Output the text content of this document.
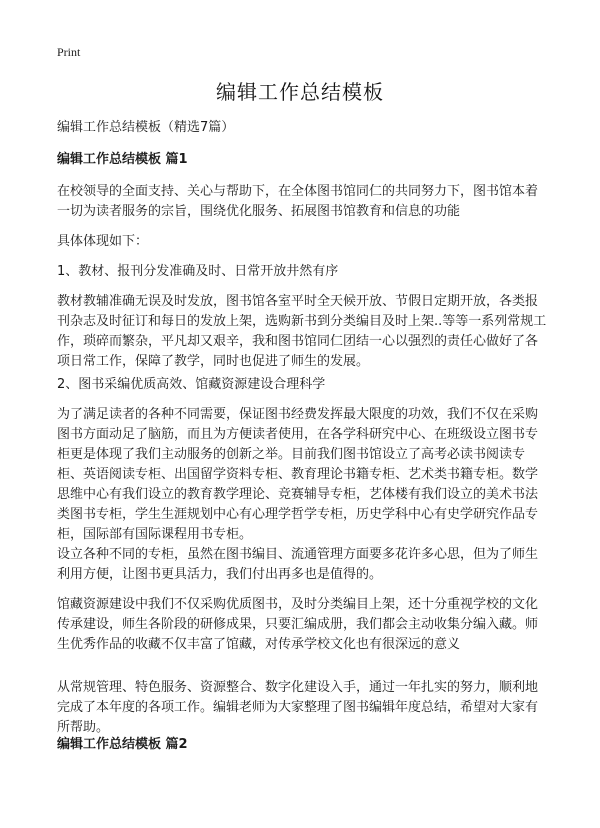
Print
编辑工作总结模板
编辑工作总结模板（精选7篇）
编辑工作总结模板 篇1
在校领导的全面支持、关心与帮助下，在全体图书馆同仁的共同努力下，图书馆本着一切为读者服务的宗旨，围绕优化服务、拓展图书馆教育和信息的功能
具体体现如下：
1、教材、报刊分发准确及时、日常开放井然有序
教材教辅准确无误及时发放，图书馆各室平时全天候开放、节假日定期开放，各类报刊杂志及时征订和每日的发放上架，选购新书到分类编目及时上架..等等一系列常规工作，琐碎而繁杂，平凡却又艰辛，我和图书馆同仁团结一心以强烈的责任心做好了各项日常工作，保障了教学，同时也促进了师生的发展。
2、图书采编优质高效、馆藏资源建设合理科学
为了满足读者的各种不同需要，保证图书经费发挥最大限度的功效，我们不仅在采购图书方面动足了脑筋，而且为方便读者使用，在各学科研究中心、在班级设立图书专柜更是体现了我们主动服务的创新之举。目前我们图书馆设立了高考必读书阅读专柜、英语阅读专柜、出国留学资料专柜、教育理论书籍专柜、艺术类书籍专柜。数学思维中心有我们设立的教育教学理论、竞赛辅导专柜，艺体楼有我们设立的美术书法类图书专柜，学生生涯规划中心有心理学哲学专柜，历史学科中心有史学研究作品专柜，国际部有国际课程用书专柜。
设立各种不同的专柜，虽然在图书编目、流通管理方面要多花许多心思，但为了师生利用方便，让图书更具活力，我们付出再多也是值得的。
馆藏资源建设中我们不仅采购优质图书，及时分类编目上架，还十分重视学校的文化传承建设，师生各阶段的研修成果，只要汇编成册，我们都会主动收集分编入藏。师生优秀作品的收藏不仅丰富了馆藏，对传承学校文化也有很深远的意义
从常规管理、特色服务、资源整合、数字化建设入手，通过一年扎实的努力，顺利地完成了本年度的各项工作。编辑老师为大家整理了图书编辑年度总结，希望对大家有所帮助。
编辑工作总结模板 篇2
